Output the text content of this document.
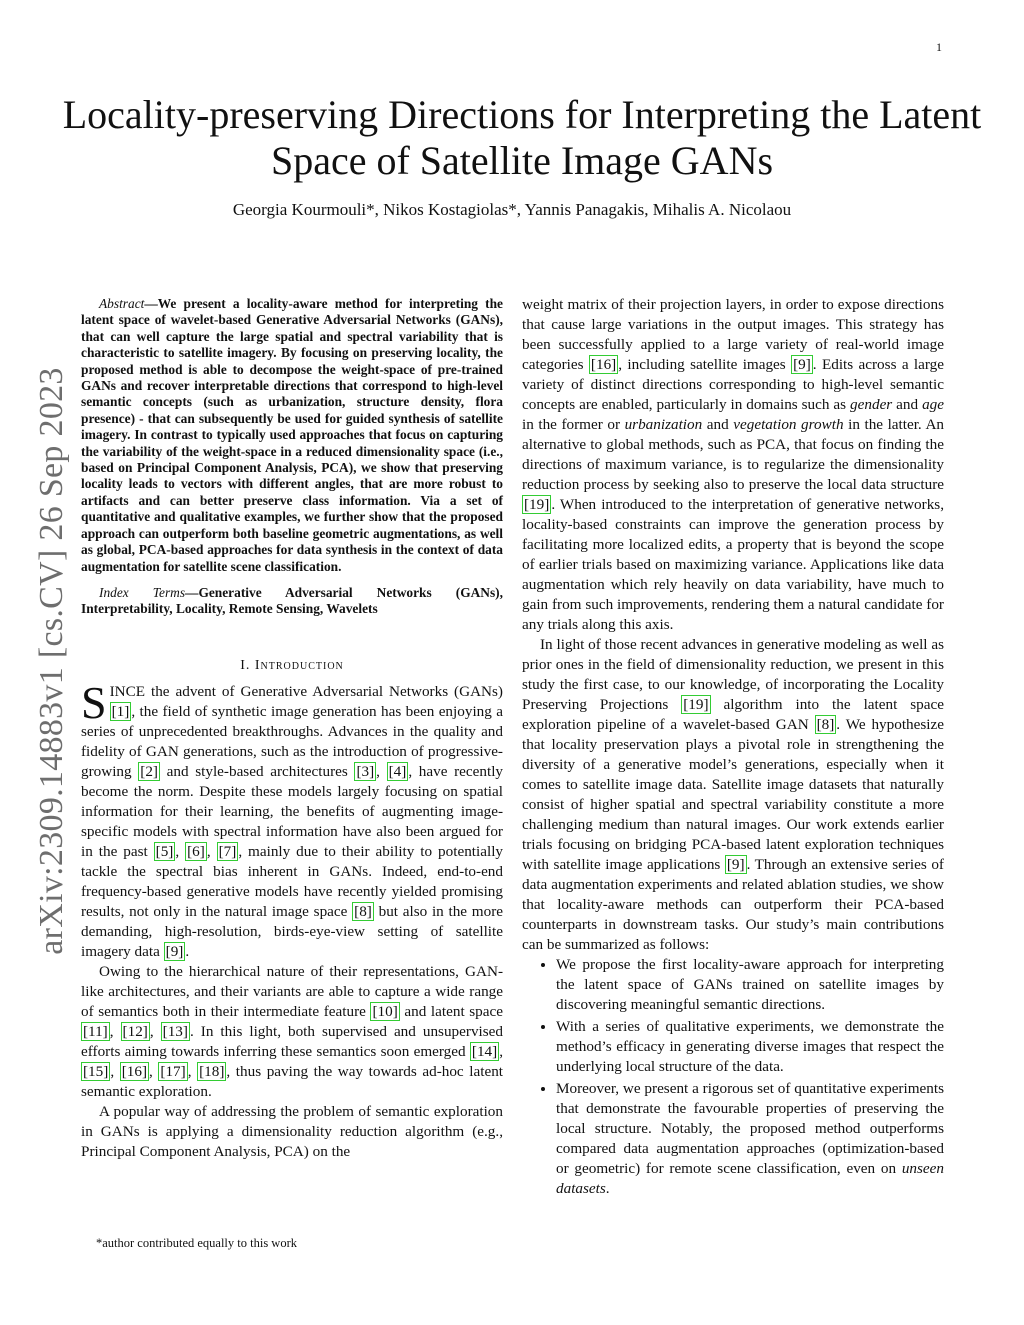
1
arXiv:2309.14883v1 [cs.CV] 26 Sep 2023
Locality-preserving Directions for Interpreting the Latent Space of Satellite Image GANs
Georgia Kourmouli*, Nikos Kostagiolas*, Yannis Panagakis, Mihalis A. Nicolaou

Abstract—We present a locality-aware method for interpreting the latent space of wavelet-based Generative Adversarial Networks (GANs), that can well capture the large spatial and spectral variability that is characteristic to satellite imagery. By focusing on preserving locality, the proposed method is able to decompose the weight-space of pre-trained GANs and recover interpretable directions that correspond to high-level semantic concepts (such as urbanization, structure density, flora presence) - that can subsequently be used for guided synthesis of satellite imagery. In contrast to typically used approaches that focus on capturing the variability of the weight-space in a reduced dimensionality space (i.e., based on Principal Component Analysis, PCA), we show that preserving locality leads to vectors with different angles, that are more robust to artifacts and can better preserve class information. Via a set of quantitative and qualitative examples, we further show that the proposed approach can outperform both baseline geometric augmentations, as well as global, PCA-based approaches for data synthesis in the context of data augmentation for satellite scene classification.

Index Terms—Generative Adversarial Networks (GANs), Interpretability, Locality, Remote Sensing, Wavelets

I. Introduction

SINCE the advent of Generative Adversarial Networks (GANs) [1] , the field of synthetic image generation has been enjoying a series of unprecedented breakthroughs. Advances in the quality and fidelity of GAN generations, such as the introduction of progressive-growing [2] and style-based architectures [3] , [4] , have recently become the norm. Despite these models largely focusing on spatial information for their learning, the benefits of augmenting image-specific models with spectral information have also been argued for in the past [5] , [6] , [7] , mainly due to their ability to potentially tackle the spectral bias inherent in GANs. Indeed, end-to-end frequency-based generative models have recently yielded promising results, not only in the natural image space [8] but also in the more demanding, high-resolution, birds-eye-view setting of satellite imagery data [9] .

Owing to the hierarchical nature of their representations, GAN-like architectures, and their variants are able to capture a wide range of semantics both in their intermediate feature [10] and latent space [11] , [12] , [13] . In this light, both supervised and unsupervised efforts aiming towards inferring these semantics soon emerged [14] , [15] , [16] , [17] , [18] , thus paving the way towards ad-hoc latent semantic exploration.

A popular way of addressing the problem of semantic exploration in GANs is applying a dimensionality reduction algorithm (e.g., Principal Component Analysis, PCA) on the

weight matrix of their projection layers, in order to expose directions that cause large variations in the output images. This strategy has been successfully applied to a large variety of real-world image categories [16] , including satellite images [9] . Edits across a large variety of distinct directions corresponding to high-level semantic concepts are enabled, particularly in domains such as gender and age in the former or urbanization and vegetation growth in the latter. An alternative to global methods, such as PCA, that focus on finding the directions of maximum variance, is to regularize the dimensionality reduction process by seeking also to preserve the local data structure [19] . When introduced to the interpretation of generative networks, locality-based constraints can improve the generation process by facilitating more localized edits, a property that is beyond the scope of earlier trials based on maximizing variance. Applications like data augmentation which rely heavily on data variability, have much to gain from such improvements, rendering them a natural candidate for any trials along this axis.

In light of those recent advances in generative modeling as well as prior ones in the field of dimensionality reduction, we present in this study the first case, to our knowledge, of incorporating the Locality Preserving Projections [19] algorithm into the latent space exploration pipeline of a wavelet-based GAN [8] . We hypothesize that locality preservation plays a pivotal role in strengthening the diversity of a generative model’s generations, especially when it comes to satellite image data. Satellite image datasets that naturally consist of higher spatial and spectral variability constitute a more challenging medium than natural images. Our work extends earlier trials focusing on bridging PCA-based latent exploration techniques with satellite image applications [9] . Through an extensive series of data augmentation experiments and related ablation studies, we show that locality-aware methods can outperform their PCA-based counterparts in downstream tasks. Our study’s main contributions can be summarized as follows:

• We propose the first locality-aware approach for interpreting the latent space of GANs trained on satellite images by discovering meaningful semantic directions.
• With a series of qualitative experiments, we demonstrate the method’s efficacy in generating diverse images that respect the underlying local structure of the data.
• Moreover, we present a rigorous set of quantitative experiments that demonstrate the favourable properties of preserving the local structure. Notably, the proposed method outperforms compared data augmentation approaches (optimization-based or geometric) for remote scene classification, even on unseen datasets.
*author contributed equally to this work
